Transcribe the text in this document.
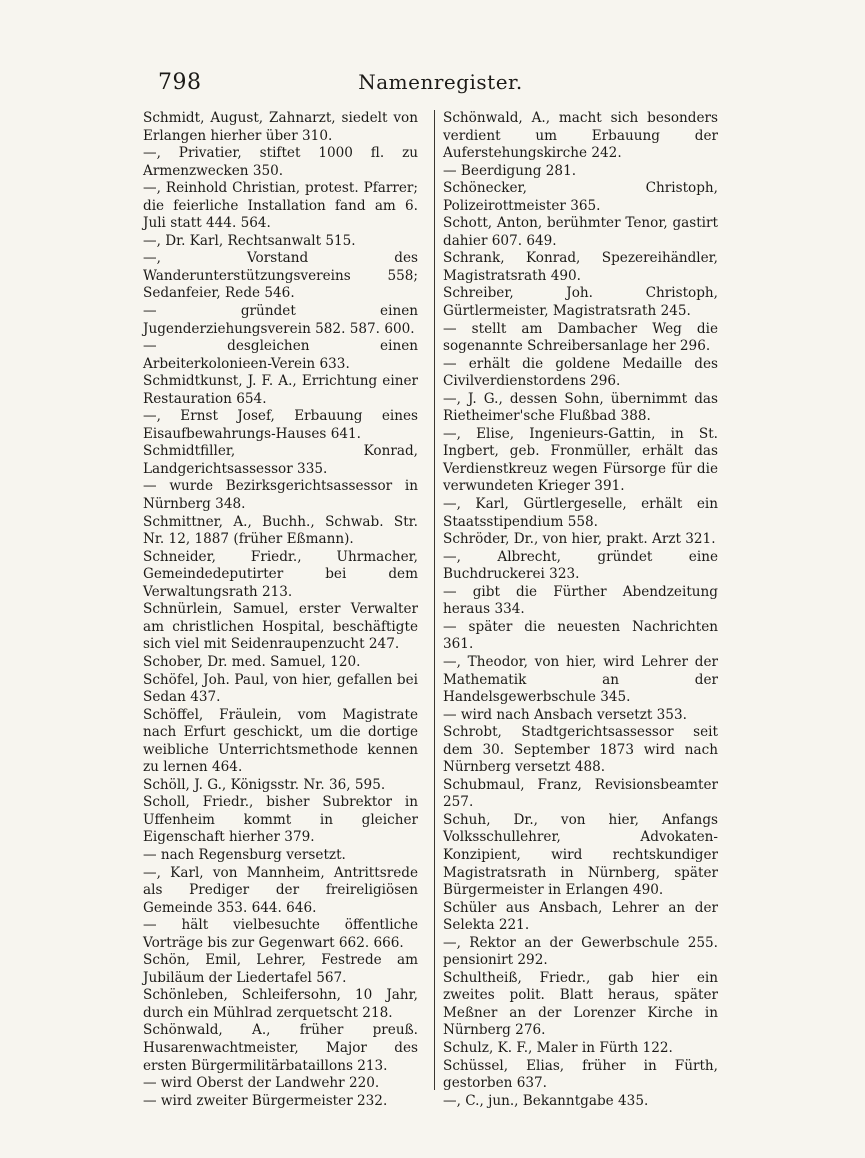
798	Namenregister.

Schmidt, August, Zahnarzt, siedelt von Erlangen hierher über 310.

—, Privatier, stiftet 1000 fl. zu Armenzwecken 350.

—, Reinhold Christian, protest. Pfarrer; die feierliche Installation fand am 6. Juli statt 444. 564.

—, Dr. Karl, Rechtsanwalt 515.

—, Vorstand des Wanderunterstützungsvereins 558; Sedanfeier, Rede 546.

— gründet einen Jugenderziehungsverein 582. 587. 600.

— desgleichen einen Arbeiterkolonieen-Verein 633.

Schmidtkunst, J. F. A., Errichtung einer Restauration 654.

—, Ernst Josef, Erbauung eines Eisaufbewahrungs-Hauses 641.

Schmidtfiller, Konrad, Landgerichtsassessor 335.

— wurde Bezirksgerichtsassessor in Nürnberg 348.

Schmittner, A., Buchh., Schwab. Str. Nr. 12, 1887 (früher Eßmann).

Schneider, Friedr., Uhrmacher, Gemeindedeputirter bei dem Verwaltungsrath 213.

Schnürlein, Samuel, erster Verwalter am christlichen Hospital, beschäftigte sich viel mit Seidenraupenzucht 247.

Schober, Dr. med. Samuel, 120.

Schöfel, Joh. Paul, von hier, gefallen bei Sedan 437.

Schöffel, Fräulein, vom Magistrate nach Erfurt geschickt, um die dortige weibliche Unterrichtsmethode kennen zu lernen 464.

Schöll, J. G., Königsstr. Nr. 36, 595.

Scholl, Friedr., bisher Subrektor in Uffenheim kommt in gleicher Eigenschaft hierher 379.

— nach Regensburg versetzt.

—, Karl, von Mannheim, Antrittsrede als Prediger der freireligiösen Gemeinde 353. 644. 646.

— hält vielbesuchte öffentliche Vorträge bis zur Gegenwart 662. 666.

Schön, Emil, Lehrer, Festrede am Jubiläum der Liedertafel 567.

Schönleben, Schleifersohn, 10 Jahr, durch ein Mühlrad zerquetscht 218.

Schönwald, A., früher preuß. Husarenwachtmeister, Major des ersten Bürgermilitärbataillons 213.

— wird Oberst der Landwehr 220.

— wird zweiter Bürgermeister 232.

Schönwald, A., macht sich besonders verdient um Erbauung der Auferstehungskirche 242.

— Beerdigung 281.

Schönecker, Christoph, Polizeirottmeister 365.

Schott, Anton, berühmter Tenor, gastirt dahier 607. 649.

Schrank, Konrad, Spezereihändler, Magistratsrath 490.

Schreiber, Joh. Christoph, Gürtlermeister, Magistratsrath 245.

— stellt am Dambacher Weg die sogenannte Schreibersanlage her 296.

— erhält die goldene Medaille des Civilverdienstordens 296.

—, J. G., dessen Sohn, übernimmt das Rietheimer'sche Flußbad 388.

—, Elise, Ingenieurs-Gattin, in St. Ingbert, geb. Fronmüller, erhält das Verdienstkreuz wegen Fürsorge für die verwundeten Krieger 391.

—, Karl, Gürtlergeselle, erhält ein Staatsstipendium 558.

Schröder, Dr., von hier, prakt. Arzt 321.

—, Albrecht, gründet eine Buchdruckerei 323.

— gibt die Fürther Abendzeitung heraus 334.

— später die neuesten Nachrichten 361.

—, Theodor, von hier, wird Lehrer der Mathematik an der Handelsgewerbschule 345.

— wird nach Ansbach versetzt 353.

Schrobt, Stadtgerichtsassessor seit dem 30. September 1873 wird nach Nürnberg versetzt 488.

Schubmaul, Franz, Revisionsbeamter 257.

Schuh, Dr., von hier, Anfangs Volksschullehrer, Advokaten-Konzipient, wird rechtskundiger Magistratsrath in Nürnberg, später Bürgermeister in Erlangen 490.

Schüler aus Ansbach, Lehrer an der Selekta 221.

—, Rektor an der Gewerbschule 255. pensionirt 292.

Schultheiß, Friedr., gab hier ein zweites polit. Blatt heraus, später Meßner an der Lorenzer Kirche in Nürnberg 276.

Schulz, K. F., Maler in Fürth 122.

Schüssel, Elias, früher in Fürth, gestorben 637.

—, C., jun., Bekanntgabe 435.
